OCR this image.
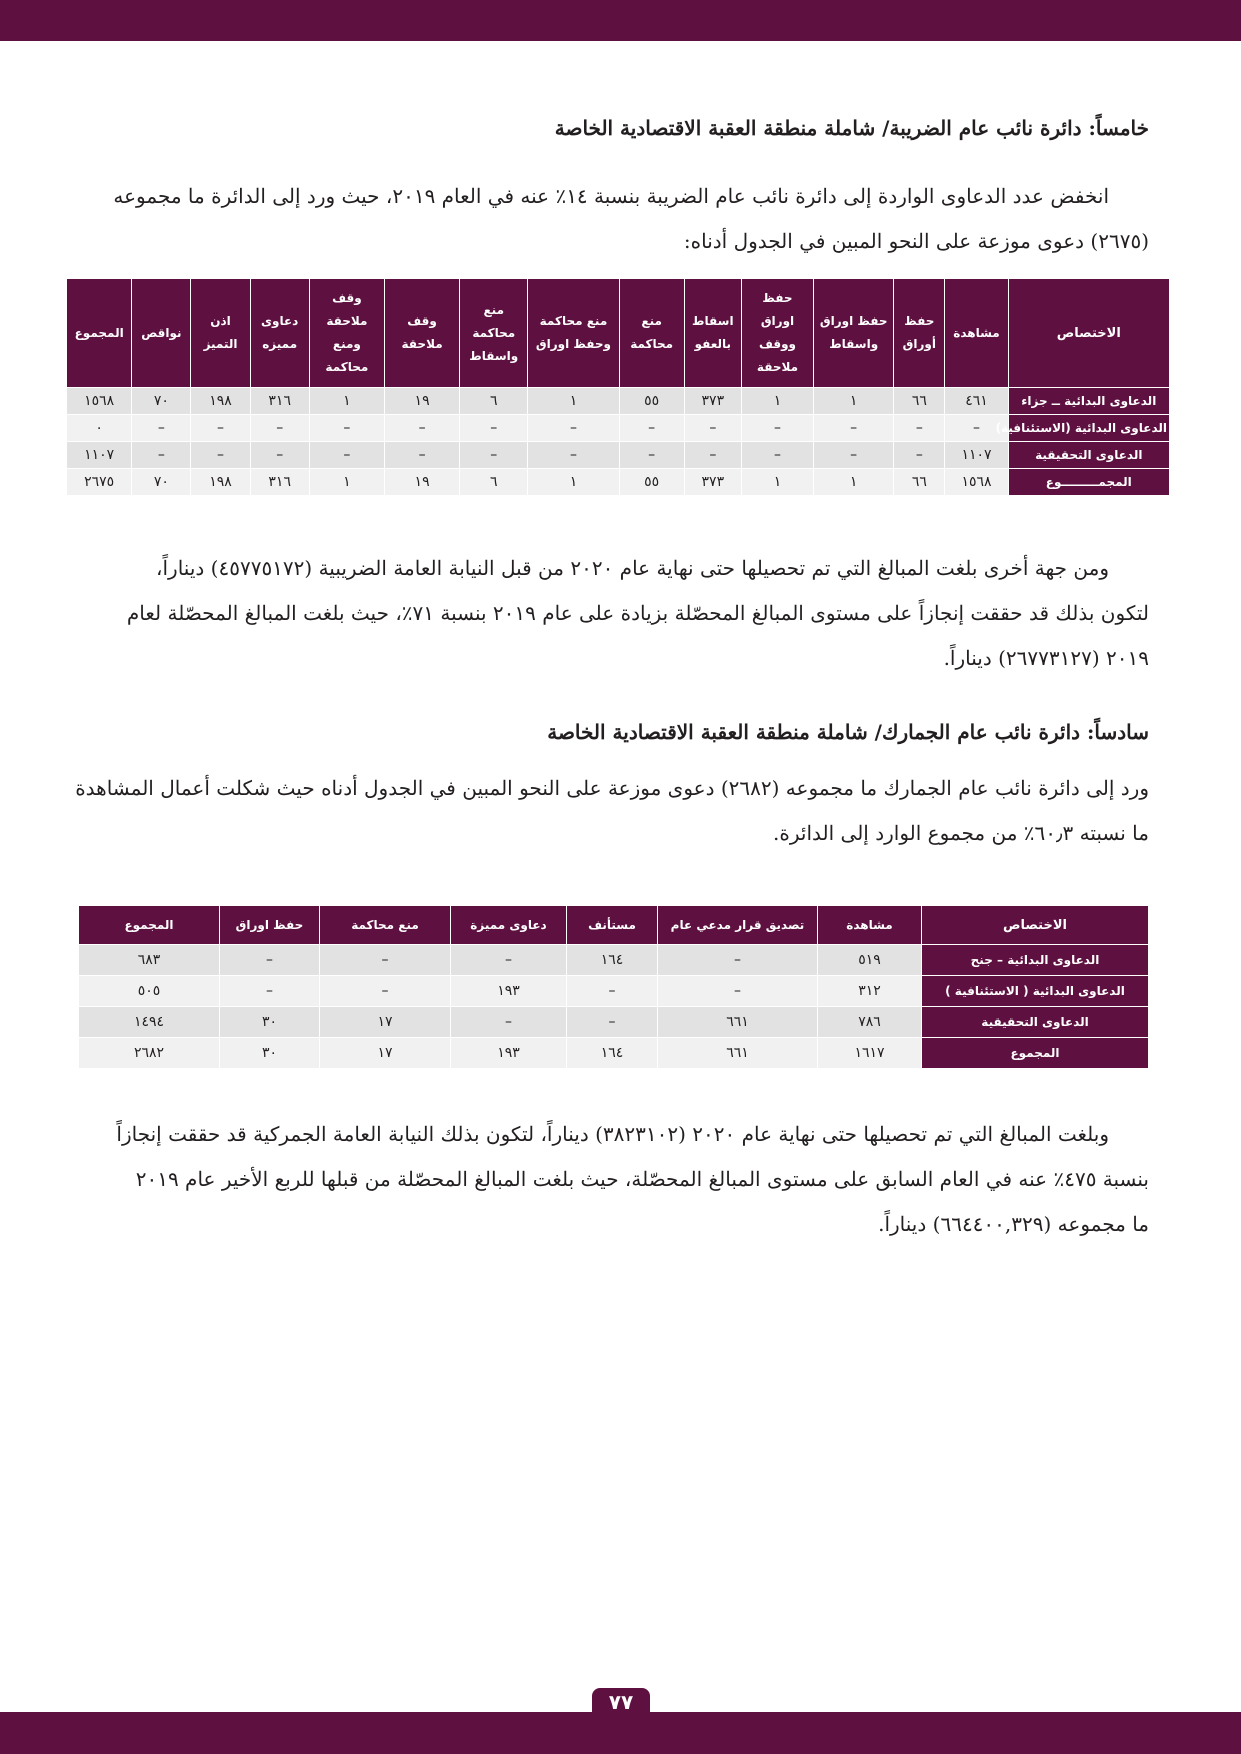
خامساً: دائرة نائب عام الضريبة/ شاملة منطقة العقبة الاقتصادية الخاصة
انخفض عدد الدعاوى الواردة إلى دائرة نائب عام الضريبة بنسبة ١٤٪ عنه في العام ٢٠١٩، حيث ورد إلى الدائرة ما مجموعه
(٢٦٧٥) دعوى موزعة على النحو المبين في الجدول أدناه:
الاختصاص	مشاهدة	حفظ أوراق	حفظ اوراق واسقاط	حفظ اوراق ووقف ملاحقة	اسقاط بالعفو	منع محاكمة	منع محاكمة وحفظ اوراق	منع محاكمة واسقاط	وقف ملاحقة	وقف ملاحقة ومنع محاكمة	دعاوى مميزه	اذن التميز	نواقص	المجموع
الدعاوى البدائية ــ جزاء	٤٦١	٦٦	١	١	٣٧٣	٥٥	١	٦	١٩	١	٣١٦	١٩٨	٧٠	١٥٦٨
الدعاوى البدائية (الاستئنافية)	–	–	–	–	–	–	–	–	–	–	–	–	–	٠
الدعاوى التحقيقية	١١٠٧	–	–	–	–	–	–	–	–	–	–	–	–	١١٠٧
المجمـــــــــوع	١٥٦٨	٦٦	١	١	٣٧٣	٥٥	١	٦	١٩	١	٣١٦	١٩٨	٧٠	٢٦٧٥
ومن جهة أخرى بلغت المبالغ التي تم تحصيلها حتى نهاية عام ٢٠٢٠ من قبل النيابة العامة الضريبية (٤٥٧٧٥١٧٢) ديناراً،
لتكون بذلك قد حققت إنجازاً على مستوى المبالغ المحصّلة بزيادة على عام ٢٠١٩ بنسبة ٧١٪، حيث بلغت المبالغ المحصّلة لعام
٢٠١٩ (٢٦٧٧٣١٢٧) ديناراً.
سادساً: دائرة نائب عام الجمارك/ شاملة منطقة العقبة الاقتصادية الخاصة
ورد إلى دائرة نائب عام الجمارك ما مجموعه (٢٦٨٢) دعوى موزعة على النحو المبين في الجدول أدناه حيث شكلت أعمال المشاهدة
ما نسبته ٦٠٫٣٪ من مجموع الوارد إلى الدائرة.
الاختصاص	مشاهدة	تصديق قرار مدعي عام	مستأنف	دعاوى مميزة	منع محاكمة	حفظ اوراق	المجموع
الدعاوى البدائية – جنح	٥١٩	–	١٦٤	–	–	–	٦٨٣
الدعاوى البدائية ( الاستئنافية )	٣١٢	–	–	١٩٣	–	–	٥٠٥
الدعاوى التحقيقية	٧٨٦	٦٦١	–	–	١٧	٣٠	١٤٩٤
المجموع	١٦١٧	٦٦١	١٦٤	١٩٣	١٧	٣٠	٢٦٨٢
وبلغت المبالغ التي تم تحصيلها حتى نهاية عام ٢٠٢٠ (٣٨٢٣١٠٢) ديناراً، لتكون بذلك النيابة العامة الجمركية قد حققت إنجازاً
بنسبة ٤٧٥٪ عنه في العام السابق على مستوى المبالغ المحصّلة، حيث بلغت المبالغ المحصّلة من قبلها للربع الأخير عام ٢٠١٩
ما مجموعه (٦٦٤٤٠٠,٣٢٩) ديناراً.
٧٧
